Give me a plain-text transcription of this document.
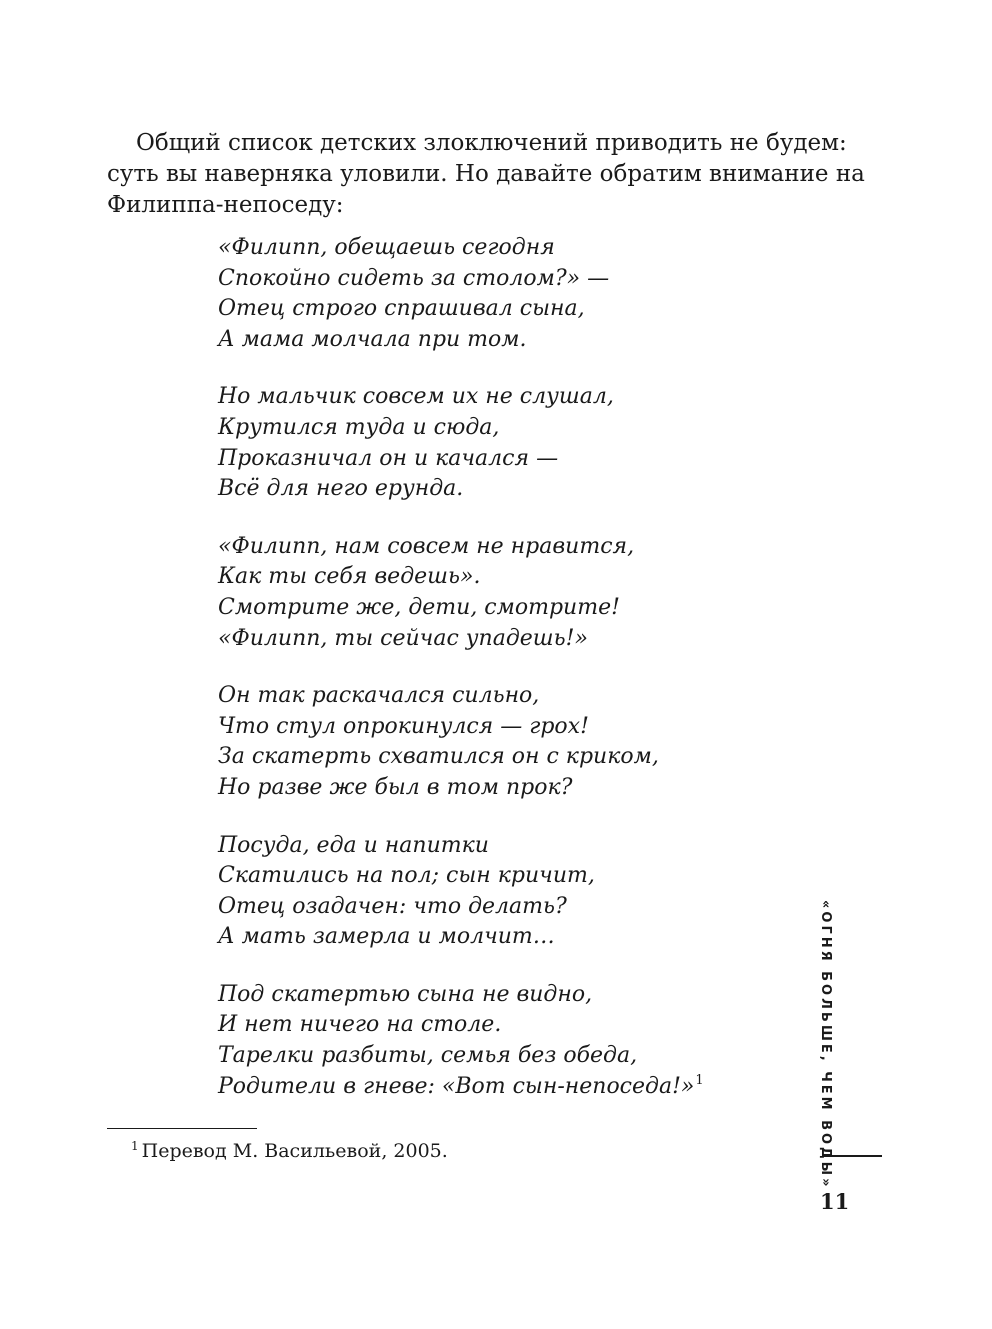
Общий список детских злоключений приводить не будем:
суть вы наверняка уловили. Но давайте обратим внимание на
Филиппа-непоседу:
«Филипп, обещаешь сегодня
Спокойно сидеть за столом?» —
Отец строго спрашивал сына,
А мама молчала при том.
Но мальчик совсем их не слушал,
Крутился туда и сюда,
Проказничал он и качался —
Всё для него ерунда.
«Филипп, нам совсем не нравится,
Как ты себя ведешь».
Смотрите же, дети, смотрите!
«Филипп, ты сейчас упадешь!»
Он так раскачался сильно,
Что стул опрокинулся — грох!
За скатерть схватился он с криком,
Но разве же был в том прок?
Посуда, еда и напитки
Скатились на пол; сын кричит,
Отец озадачен: что делать?
А мать замерла и молчит…
Под скатертью сына не видно,
И нет ничего на столе.
Тарелки разбиты, семья без обеда,
Родители в гневе: «Вот сын-непоседа!»$^1$
$^1$ Перевод М. Васильевой, 2005.	«ОГНЯ БОЛЬШЕ, ЧЕМ ВОДЫ»
11
